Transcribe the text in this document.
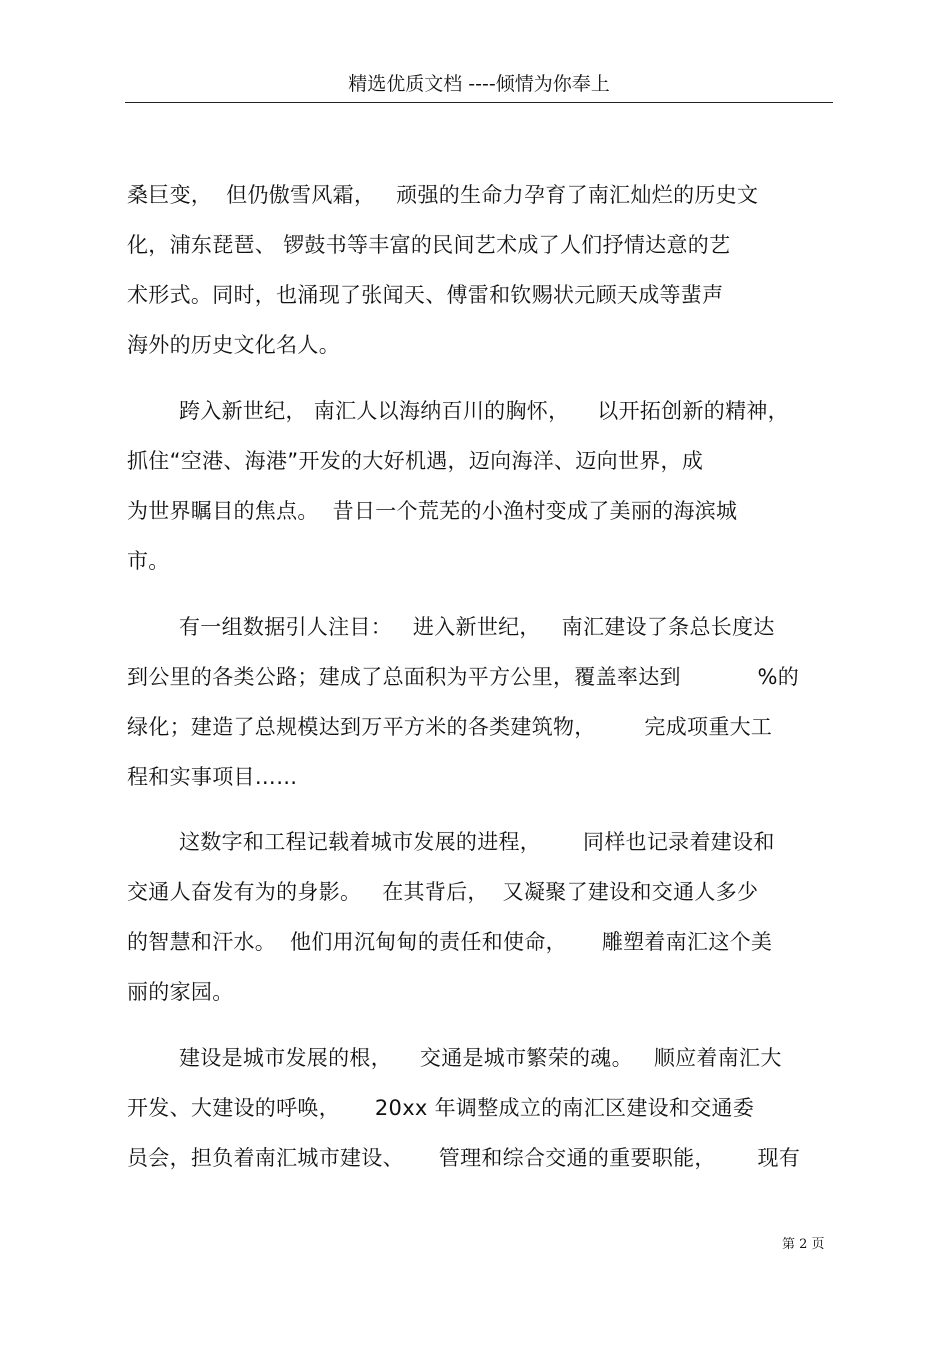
精选优质文档 ----倾情为你奉上
桑巨变，  但仍傲雪风霜，   顽强的生命力孕育了南汇灿烂的历史文
化，浦东琵琶、 锣鼓书等丰富的民间艺术成了人们抒情达意的艺
术形式。同时，也涌现了张闻天、傅雷和钦赐状元顾天成等蜚声
海外的历史文化名人。
跨入新世纪， 南汇人以海纳百川的胸怀，    以开拓创新的精神，
抓住“空港、海港”开发的大好机遇，迈向海洋、迈向世界，成
为世界瞩目的焦点。  昔日一个荒芜的小渔村变成了美丽的海滨城
市。
有一组数据引人注目：   进入新世纪，   南汇建设了条总长度达
到公里的各类公路；建成了总面积为平方公里，覆盖率达到           %的
绿化；建造了总规模达到万平方米的各类建筑物，       完成项重大工
程和实事项目……
这数字和工程记载着城市发展的进程，      同样也记录着建设和
交通人奋发有为的身影。   在其背后，  又凝聚了建设和交通人多少
的智慧和汗水。  他们用沉甸甸的责任和使命，     雕塑着南汇这个美
丽的家园。
建设是城市发展的根，    交通是城市繁荣的魂。   顺应着南汇大
开发、大建设的呼唤，     20xx 年调整成立的南汇区建设和交通委
员会，担负着南汇城市建设、     管理和综合交通的重要职能，      现有
第 2 页
